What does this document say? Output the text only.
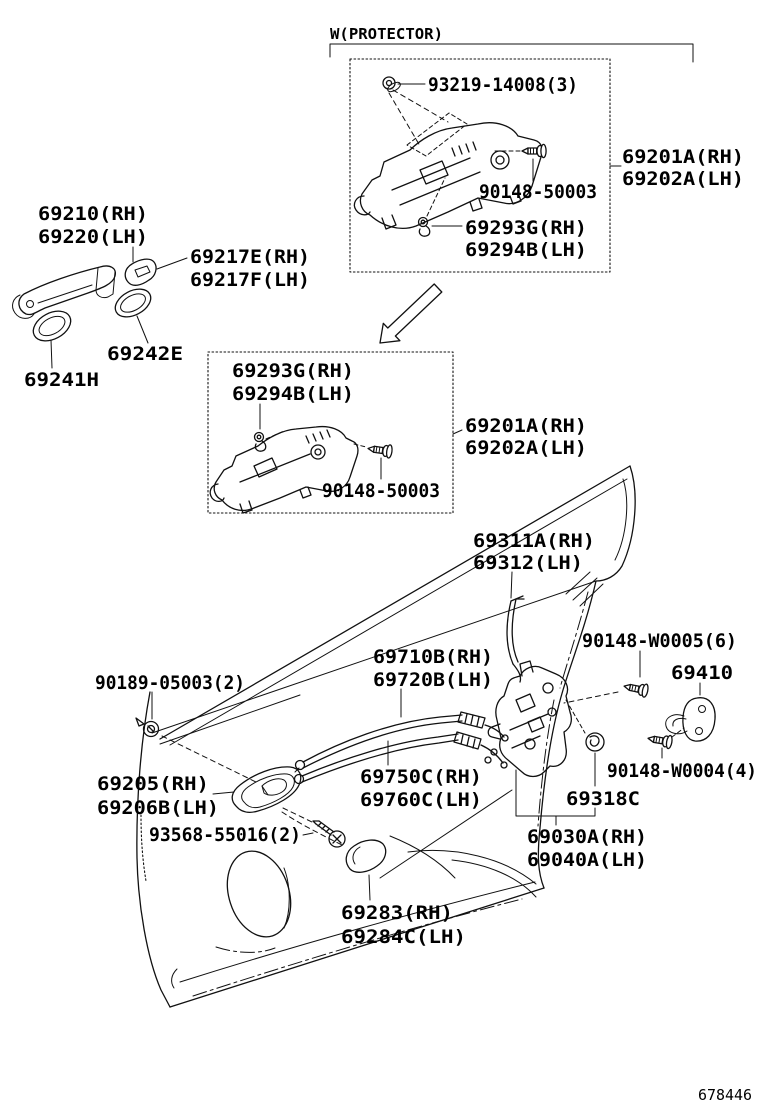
W(PROTECTOR)
93219-14008(3)
90148-50003
69293G(RH)
69294B(LH)
69201A(RH)
69202A(LH)
69210(RH)
69220(LH)
69217E(RH)
69217F(LH)
69242E
69241H	69293G(RH)
69294B(LH)
90148-50003
69201A(RH)
69202A(LH)
69311A(RH)
69312(LH)
69030A(RH)
69040A(LH)
69318C
90148-W0005(6)
69410
90148-W0004(4)
69710B(RH)
69720B(LH)
69750C(RH)
69760C(LH)
90189-05003(2)
69205(RH)
69206B(LH)
93568-55016(2)
69283(RH)
69284C(LH)
678446
